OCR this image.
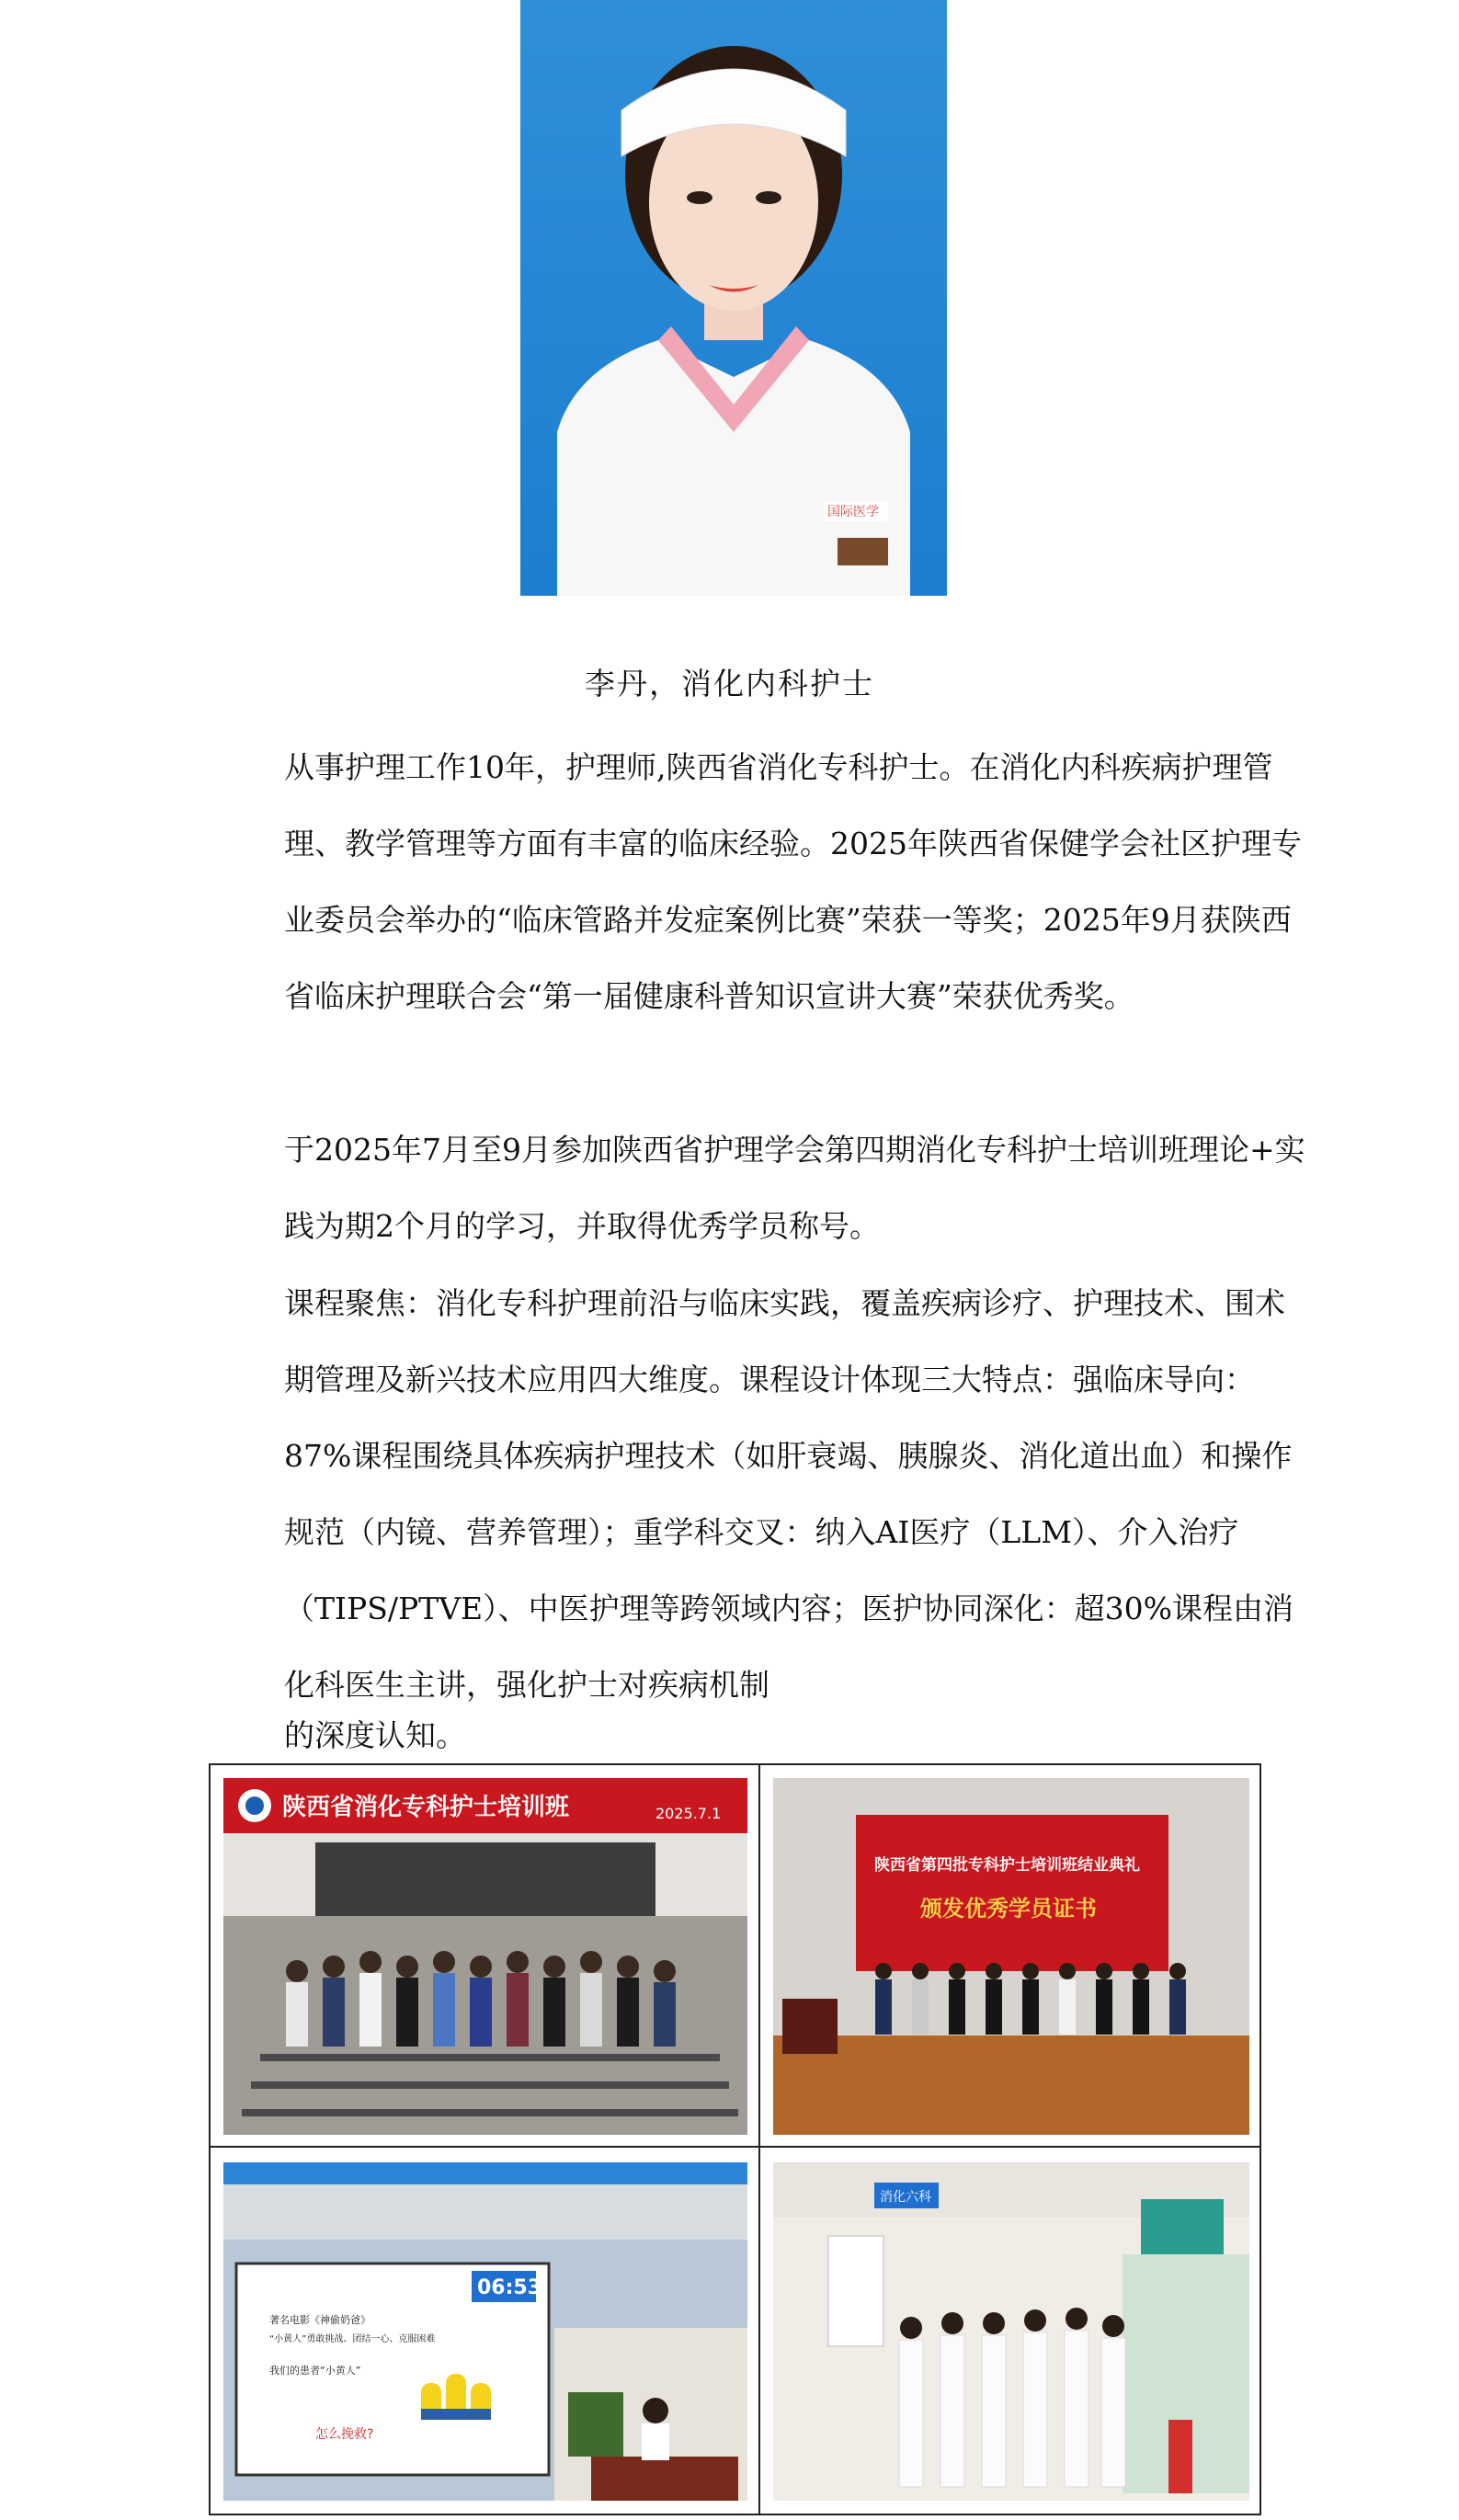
国际医学
李丹，消化内科护士
从事护理工作10年，护理师,陕西省消化专科护士。在消化内科疾病护理管理、教学管理等方面有丰富的临床经验。2025年陕西省保健学会社区护理专业委员会举办的“临床管路并发症案例比赛”荣获一等奖；2025年9月获陕西省临床护理联合会“第一届健康科普知识宣讲大赛”荣获优秀奖。
于2025年7月至9月参加陕西省护理学会第四期消化专科护士培训班理论+实践为期2个月的学习，并取得优秀学员称号。
课程聚焦：消化专科护理前沿与临床实践，覆盖疾病诊疗、护理技术、围术期管理及新兴技术应用四大维度。课程设计体现三大特点：强临床导向：87%课程围绕具体疾病护理技术（如肝衰竭、胰腺炎、消化道出血）和操作规范（内镜、营养管理）；重学科交叉：纳入AI医疗（LLM）、介入治疗（TIPS/PTVE）、中医护理等跨领域内容；医护协同深化：超30%课程由消化科医生主讲，强化护士对疾病机制
的深度认知。
陕西省消化专科护士培训班	2025.7.1
陕西省第四批专科护士培训班结业典礼
颁发优秀学员证书
06:53
著名电影《神偷奶爸》
“小黄人”勇敢挑战、团结一心、克服困难
我们的患者“小黄人”
怎么挽救?
消化六科
